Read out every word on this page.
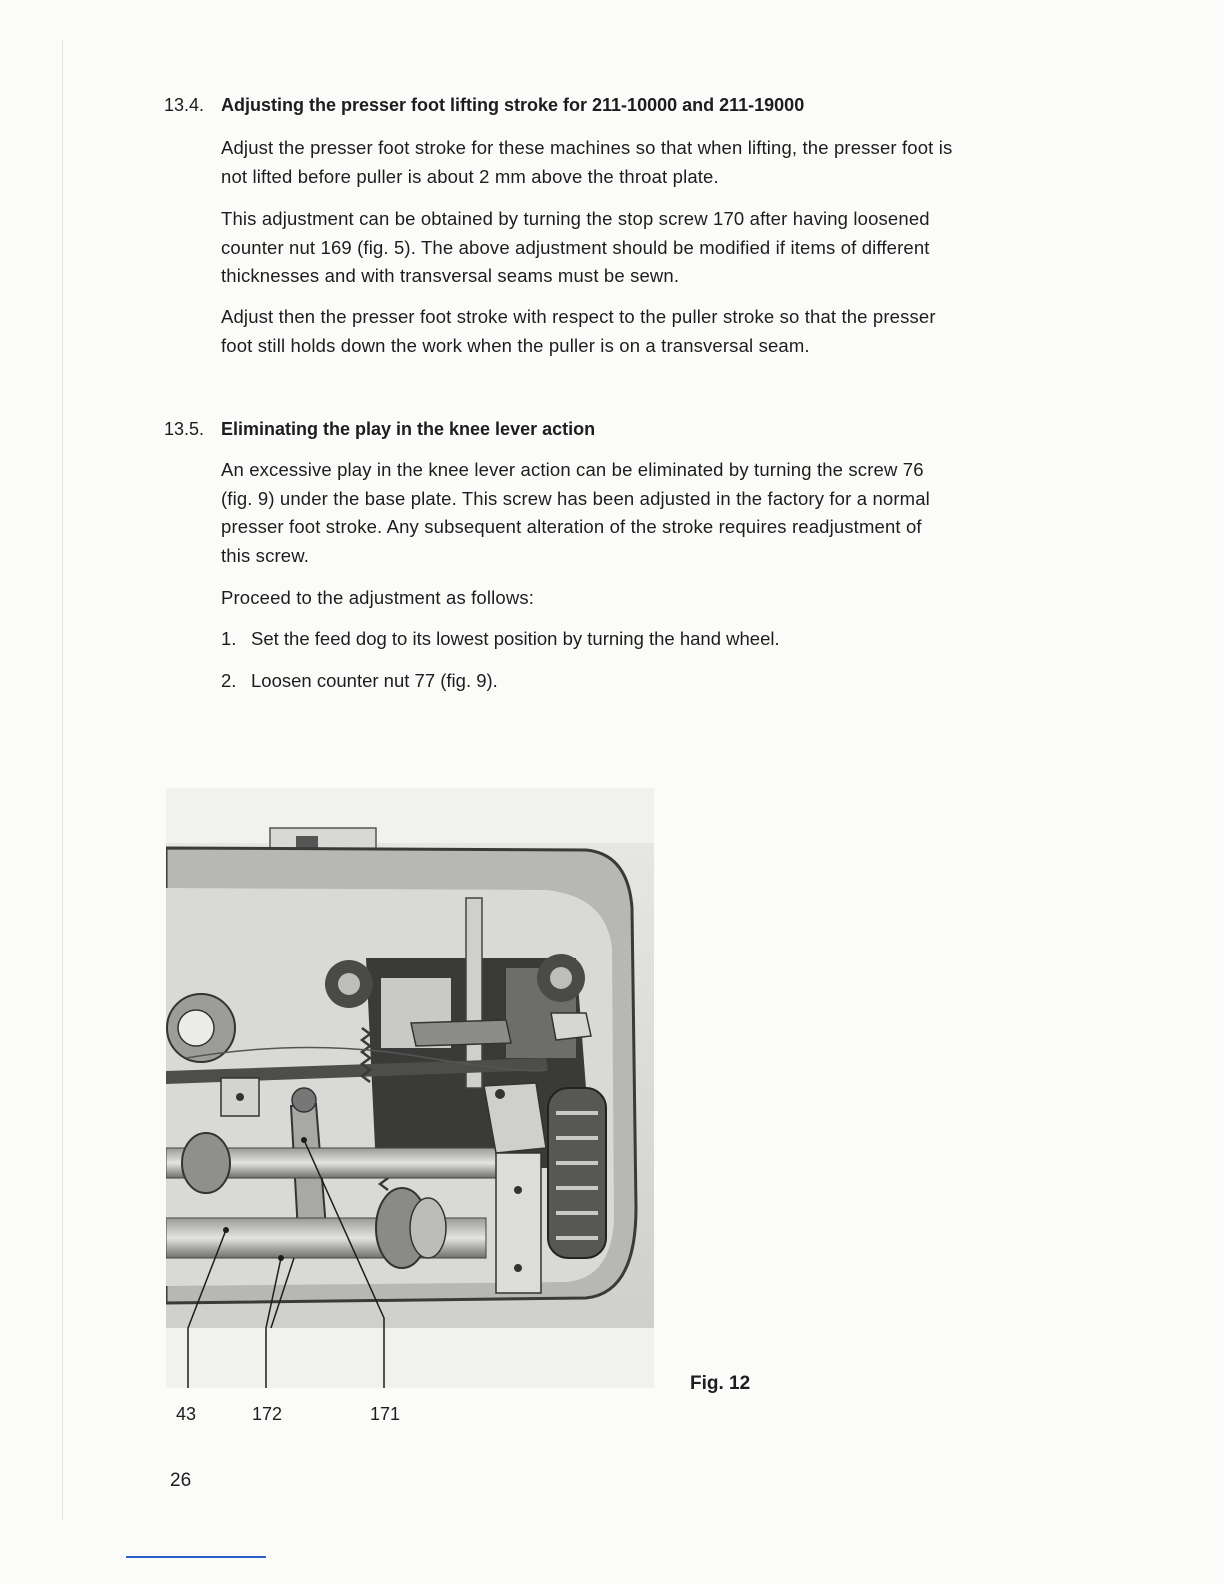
13.4. Adjusting the presser foot lifting stroke for 211-10000 and 211-19000

Adjust the presser foot stroke for these machines so that when lifting, the presser foot is not lifted before puller is about 2 mm above the throat plate.

This adjustment can be obtained by turning the stop screw 170 after having loosened counter nut 169 (fig. 5). The above adjustment should be modified if items of different thicknesses and with transversal seams must be sewn.

Adjust then the presser foot stroke with respect to the puller stroke so that the presser foot still holds down the work when the puller is on a transversal seam.

13.5. Eliminating the play in the knee lever action

An excessive play in the knee lever action can be eliminated by turning the screw 76 (fig. 9) under the base plate. This screw has been adjusted in the factory for a normal presser foot stroke. Any subsequent alteration of the stroke requires readjustment of this screw.

Proceed to the adjustment as follows:

1. Set the feed dog to its lowest position by turning the hand wheel.
2. Loosen counter nut 77 (fig. 9).
43	172	171
Fig. 12
26
